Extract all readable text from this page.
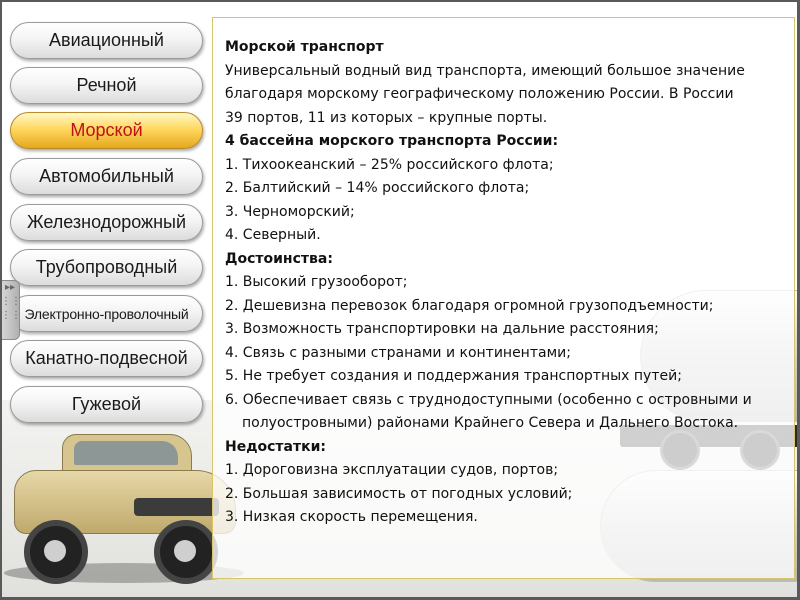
Авиационный
Речной
Морской
Автомобильный
Железнодорожный
Трубопроводный
Электронно-проволочный
Канатно-подвесной
Гужевой
▸▸
⋮⋮
⋮⋮
Морской транспорт
Универсальный водный вид транспорта, имеющий большое значение
благодаря морскому географическому положению России. В России
39 портов, 11 из которых – крупные порты.
4 бассейна морского транспорта России:
1. Тихоокеанский – 25% российского флота;
2. Балтийский – 14% российского флота;
3. Черноморский;
4. Северный.
Достоинства:
1. Высокий грузооборот;
2. Дешевизна перевозок благодаря огромной грузоподъемности;
3. Возможность транспортировки на дальние расстояния;
4. Связь с разными странами и континентами;
5. Не требует создания и поддержания транспортных путей;
6. Обеспечивает связь с труднодоступными (особенно с островными и
полуостровными) районами Крайнего Севера и Дальнего Востока.
Недостатки:
1. Дороговизна эксплуатации судов, портов;
2. Большая зависимость от погодных условий;
3. Низкая скорость перемещения.
